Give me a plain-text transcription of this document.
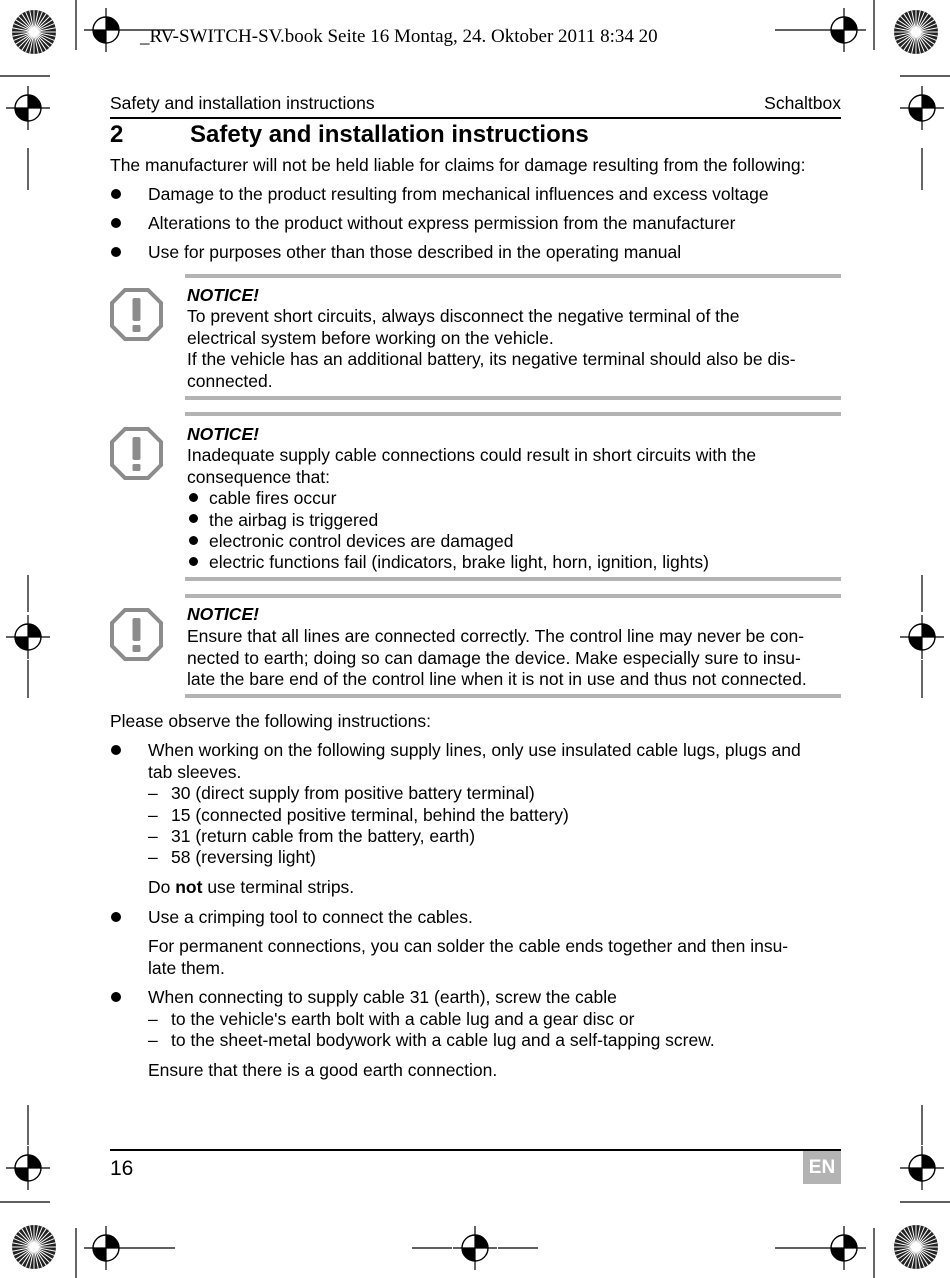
_RV-SWITCH-SV.book Seite 16 Montag, 24. Oktober 2011 8:34 20
Safety and installation instructions	Schaltbox
2	Safety and installation instructions
The manufacturer will not be held liable for claims for damage resulting from the following:
Damage to the product resulting from mechanical influences and excess voltage
Alterations to the product without express permission from the manufacturer
Use for purposes other than those described in the operating manual
NOTICE!
To prevent short circuits, always disconnect the negative terminal of the
electrical system before working on the vehicle.
If the vehicle has an additional battery, its negative terminal should also be dis-
connected.
NOTICE!
Inadequate supply cable connections could result in short circuits with the
consequence that:
cable fires occur
the airbag is triggered
electronic control devices are damaged
electric functions fail (indicators, brake light, horn, ignition, lights)
NOTICE!
Ensure that all lines are connected correctly. The control line may never be con-
nected to earth; doing so can damage the device. Make especially sure to insu-
late the bare end of the control line when it is not in use and thus not connected.
Please observe the following instructions:
When working on the following supply lines, only use insulated cable lugs, plugs and
tab sleeves.
– 30 (direct supply from positive battery terminal)
– 15 (connected positive terminal, behind the battery)
– 31 (return cable from the battery, earth)
– 58 (reversing light)
Do not use terminal strips.
Use a crimping tool to connect the cables.
For permanent connections, you can solder the cable ends together and then insu-
late them.
When connecting to supply cable 31 (earth), screw the cable
– to the vehicle's earth bolt with a cable lug and a gear disc or
– to the sheet-metal bodywork with a cable lug and a self-tapping screw.
Ensure that there is a good earth connection.
16	EN
